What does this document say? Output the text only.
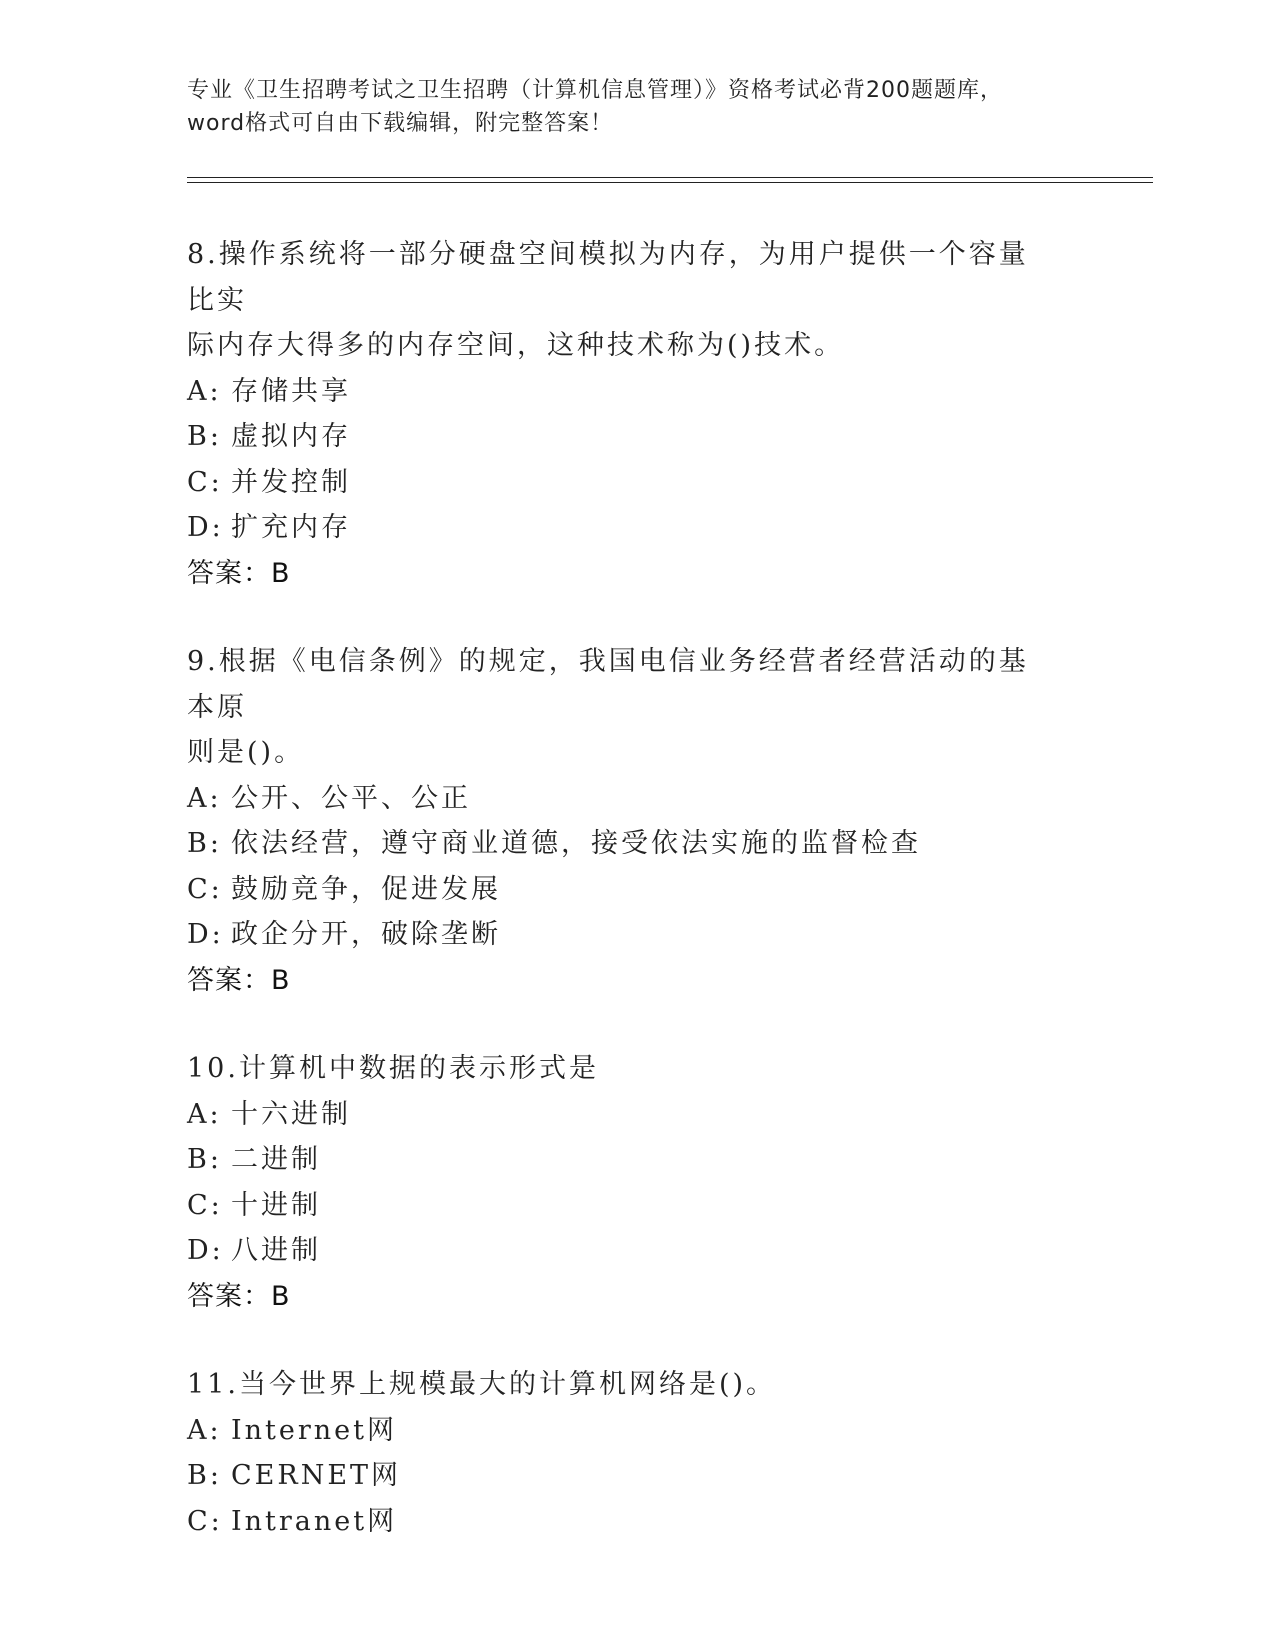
专业《卫生招聘考试之卫生招聘（计算机信息管理）》资格考试必背200题题库，
word格式可自由下载编辑，附完整答案！
8.操作系统将一部分硬盘空间模拟为内存，为用户提供一个容量比实
际内存大得多的内存空间，这种技术称为()技术。
A: 存储共享
B: 虚拟内存
C: 并发控制
D: 扩充内存
答案：B
9.根据《电信条例》的规定，我国电信业务经营者经营活动的基本原
则是()。
A: 公开、公平、公正
B: 依法经营，遵守商业道德，接受依法实施的监督检查
C: 鼓励竞争，促进发展
D: 政企分开，破除垄断
答案：B
10.计算机中数据的表示形式是
A: 十六进制
B: 二进制
C: 十进制
D: 八进制
答案：B
11.当今世界上规模最大的计算机网络是()。
A: Internet网
B: CERNET网
C: Intranet网
